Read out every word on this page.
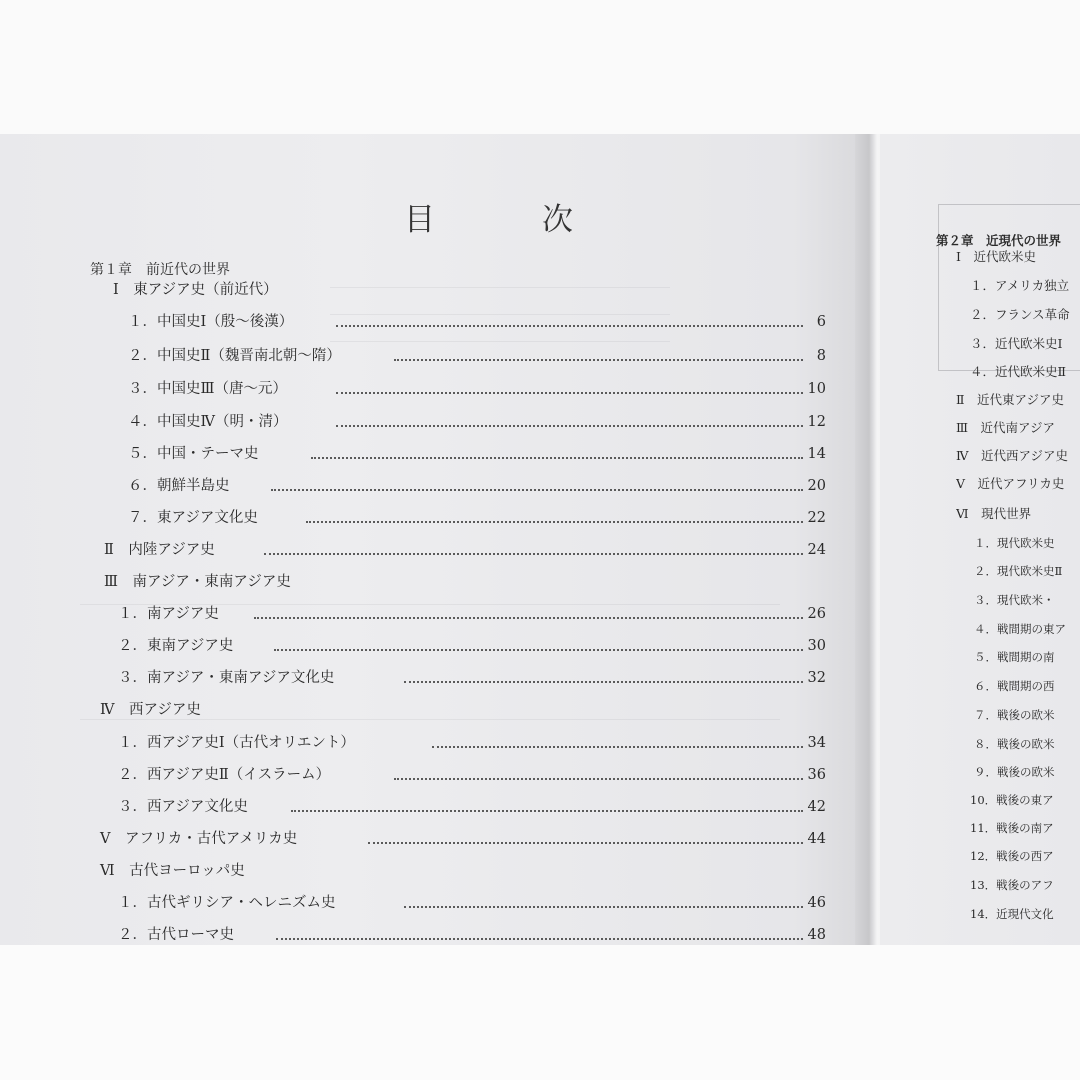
目　次
第１章　前近代の世界
Ⅰ　東アジア史（前近代）
１．中国史Ⅰ（殷～後漢）	6
２．中国史Ⅱ（魏晋南北朝～隋）	8
３．中国史Ⅲ（唐～元）	10
４．中国史Ⅳ（明・清）	12
５．中国・テーマ史	14
６．朝鮮半島史	20
７．東アジア文化史	22
Ⅱ　内陸アジア史	24
Ⅲ　南アジア・東南アジア史
１．南アジア史	26
２．東南アジア史	30
３．南アジア・東南アジア文化史	32
Ⅳ　西アジア史
１．西アジア史Ⅰ（古代オリエント）	34
２．西アジア史Ⅱ（イスラーム）	36
３．西アジア文化史	42
Ⅴ　アフリカ・古代アメリカ史	44
Ⅵ　古代ヨーロッパ史
１．古代ギリシア・ヘレニズム史	46
２．古代ローマ史	48
第２章　近現代の世界
Ⅰ　近代欧米史
１．アメリカ独立
２．フランス革命
３．近代欧米史Ⅰ
４．近代欧米史Ⅱ
Ⅱ　近代東アジア史
Ⅲ　近代南アジア
Ⅳ　近代西アジア史
Ⅴ　近代アフリカ史
Ⅵ　現代世界
１．現代欧米史
２．現代欧米史Ⅱ
３．現代欧米・
４．戦間期の東ア
５．戦間期の南
６．戦間期の西
７．戦後の欧米
８．戦後の欧米
９．戦後の欧米
10．戦後の東ア
11．戦後の南ア
12．戦後の西ア
13．戦後のアフ
14．近現代文化
